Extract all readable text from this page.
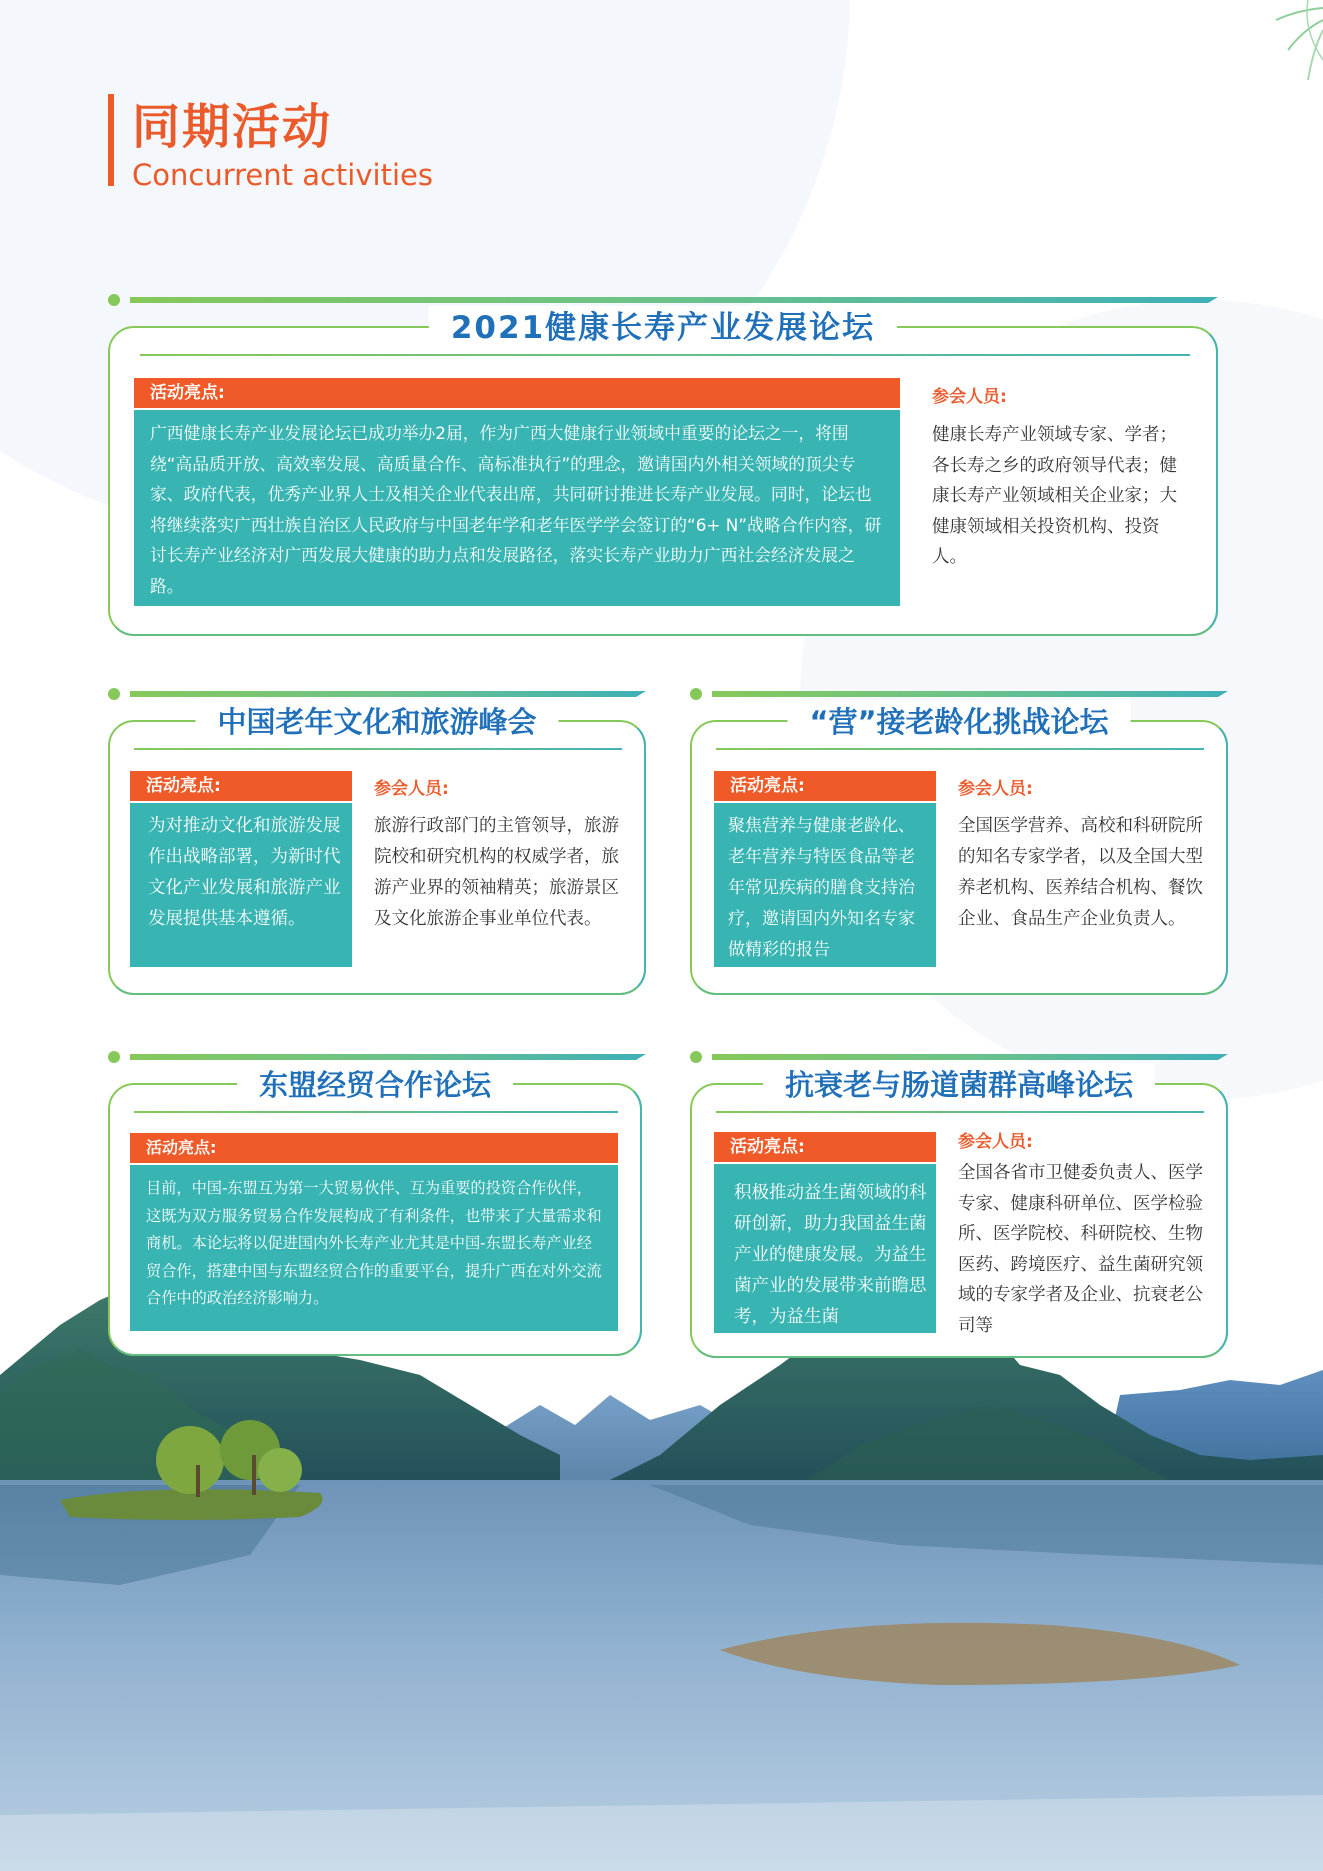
同期活动
Concurrent activities
2021健康长寿产业发展论坛
活动亮点:
广西健康长寿产业发展论坛已成功举办2届，作为广西大健康行业领域中重要的论坛之一，将围绕“高品质开放、高效率发展、高质量合作、高标准执行”的理念，邀请国内外相关领域的顶尖专家、政府代表，优秀产业界人士及相关企业代表出席，共同研讨推进长寿产业发展。同时，论坛也将继续落实广西壮族自治区人民政府与中国老年学和老年医学学会签订的“6+ N”战略合作内容，研讨长寿产业经济对广西发展大健康的助力点和发展路径，落实长寿产业助力广西社会经济发展之路。
参会人员:
健康长寿产业领域专家、学者；各长寿之乡的政府领导代表；健康长寿产业领域相关企业家；大健康领域相关投资机构、投资人。
中国老年文化和旅游峰会
活动亮点:
为对推动文化和旅游发展作出战略部署，为新时代文化产业发展和旅游产业发展提供基本遵循。
参会人员:
旅游行政部门的主管领导，旅游院校和研究机构的权威学者，旅游产业界的领袖精英；旅游景区及文化旅游企事业单位代表。
“营”接老龄化挑战论坛
活动亮点:
聚焦营养与健康老龄化、老年营养与特医食品等老年常见疾病的膳食支持治疗，邀请国内外知名专家做精彩的报告
参会人员:
全国医学营养、高校和科研院所的知名专家学者，以及全国大型养老机构、医养结合机构、餐饮企业、食品生产企业负责人。
东盟经贸合作论坛
活动亮点:
目前，中国-东盟互为第一大贸易伙伴、互为重要的投资合作伙伴，这既为双方服务贸易合作发展构成了有利条件，也带来了大量需求和商机。本论坛将以促进国内外长寿产业尤其是中国-东盟长寿产业经贸合作，搭建中国与东盟经贸合作的重要平台，提升广西在对外交流合作中的政治经济影响力。
抗衰老与肠道菌群高峰论坛
活动亮点:
积极推动益生菌领域的科研创新，助力我国益生菌产业的健康发展。为益生菌产业的发展带来前瞻思考，为益生菌
参会人员:
全国各省市卫健委负责人、医学专家、健康科研单位、医学检验所、医学院校、科研院校、生物医药、跨境医疗、益生菌研究领域的专家学者及企业、抗衰老公司等
